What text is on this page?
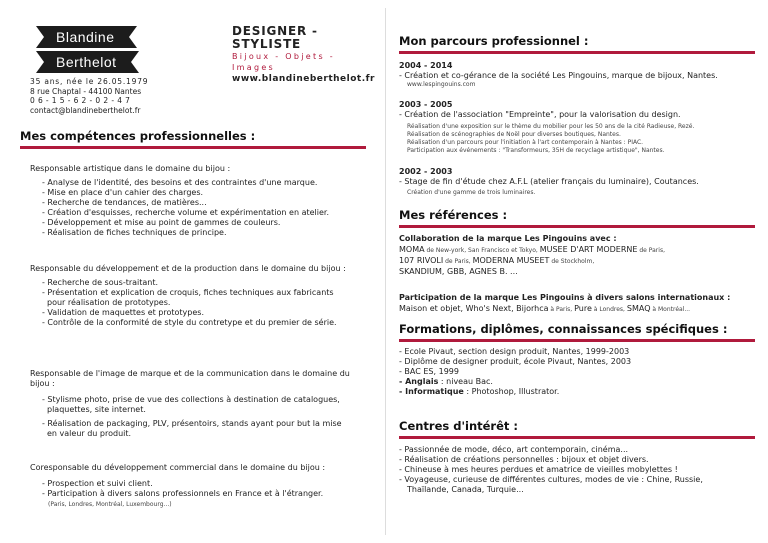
Blandine
Berthelot
35 ans, née le 26.05.1979
8 rue Chaptal - 44100 Nantes
0 6 - 1 5 - 6 2 - 0 2 - 4 7
contact@blandineberthelot.fr
DESIGNER - STYLISTE
Bijoux - Objets - Images
www.blandineberthelot.fr
Mes compétences professionnelles :
Responsable artistique dans le domaine du bijou :
- Analyse de l'identité, des besoins et des contraintes d'une marque.
- Mise en place d'un cahier des charges.
- Recherche de tendances, de matières...
- Création d'esquisses, recherche volume et expérimentation en atelier.
- Développement et mise au point de gammes de couleurs.
- Réalisation de fiches techniques de principe.
Responsable du développement et de la production dans le domaine du bijou :
- Recherche de sous-traitant.
- Présentation et explication de croquis, fiches techniques aux fabricants pour réalisation de prototypes.
- Validation de maquettes et prototypes.
- Contrôle de la conformité de style du contretype et du premier de série.
Responsable de l'image de marque et de la communication dans le domaine du bijou :
- Stylisme photo, prise de vue des collections à destination de catalogues, plaquettes, site internet.
- Réalisation de packaging, PLV, présentoirs, stands ayant pour but la mise en valeur du produit.
Coresponsable du développement commercial dans le domaine du bijou :
- Prospection et suivi client.
- Participation à divers salons professionnels en France et à l'étranger.
(Paris, Londres, Montréal, Luxembourg...)
Mon parcours professionnel :
2004 - 2014
- Création et co-gérance de la société Les Pingouins, marque de bijoux, Nantes.
www.lespingouins.com
2003 - 2005
- Création de l'association "Empreinte", pour la valorisation du design.
Réalisation d'une exposition sur le thème du mobilier pour les 50 ans de la cité Radieuse, Rezé.
Réalisation de scénographies de Noël pour diverses boutiques, Nantes.
Réalisation d'un parcours pour l'initiation à l'art contemporain à Nantes : PIAC.
Participation aux événements : "Transformeurs, 35H de recyclage artistique", Nantes.
2002 - 2003
- Stage de fin d'étude chez A.F.L (atelier français du luminaire), Coutances.
Création d'une gamme de trois luminaires.
Mes références :
Collaboration de la marque Les Pingouins avec :
MOMA de New-york, San Francisco et Tokyo, MUSEE D'ART MODERNE de Paris,
107 RIVOLI de Paris, MODERNA MUSEET de Stockholm,
SKANDIUM, GBB, AGNES B. ...
Participation de la marque Les Pingouins à divers salons internationaux :
Maison et objet, Who's Next, Bijorhca à Paris, Pure à Londres, SMAQ à Montréal...
Formations, diplômes, connaissances spécifiques :
- Ecole Pivaut, section design produit, Nantes, 1999-2003
- Diplôme de designer produit, école Pivaut, Nantes, 2003
- BAC ES, 1999
- Anglais : niveau Bac.
- Informatique : Photoshop, Illustrator.
Centres d'intérêt :
- Passionnée de mode, déco, art contemporain, cinéma...
- Réalisation de créations personnelles : bijoux et objet divers.
- Chineuse à mes heures perdues et amatrice de vieilles mobylettes !
- Voyageuse, curieuse de différentes cultures, modes de vie : Chine, Russie,
Thaïlande, Canada, Turquie...
